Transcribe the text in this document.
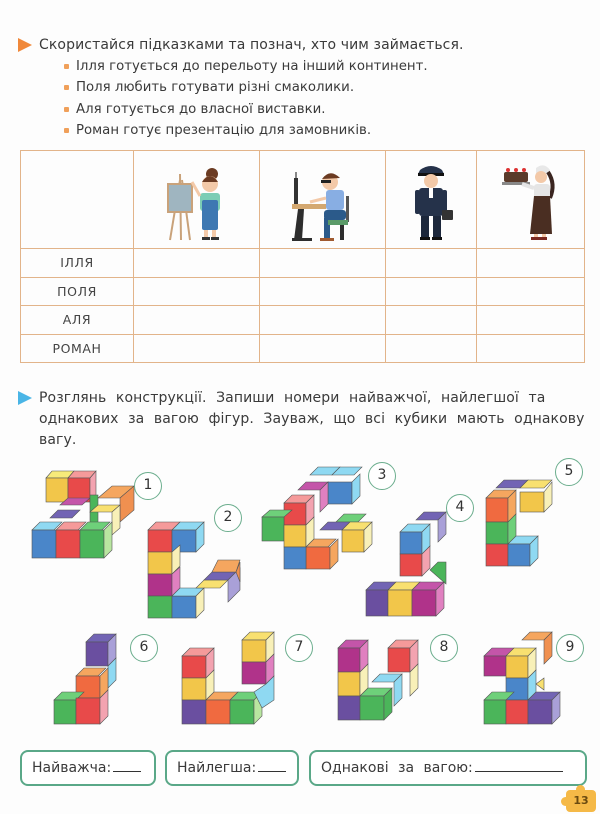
Скористайся підказками та познач, хто чим займається.
Ілля готується до перельоту на інший континент.
Поля любить готувати різні смаколики.
Аля готується до власної виставки.
Роман готує презентацію для замовників.

ІЛЛЯ				
ПОЛЯ				
АЛЯ				
РОМАН				
Розглянь конструкції. Запиши номери найважчої, найлегшої та однакових за вагою фігур. Зауваж, що всі кубики мають однакову вагу.
1
2
3
4
5
6	7	8	9
Найважча:	Найлегша:	Однакові за вагою:
13
